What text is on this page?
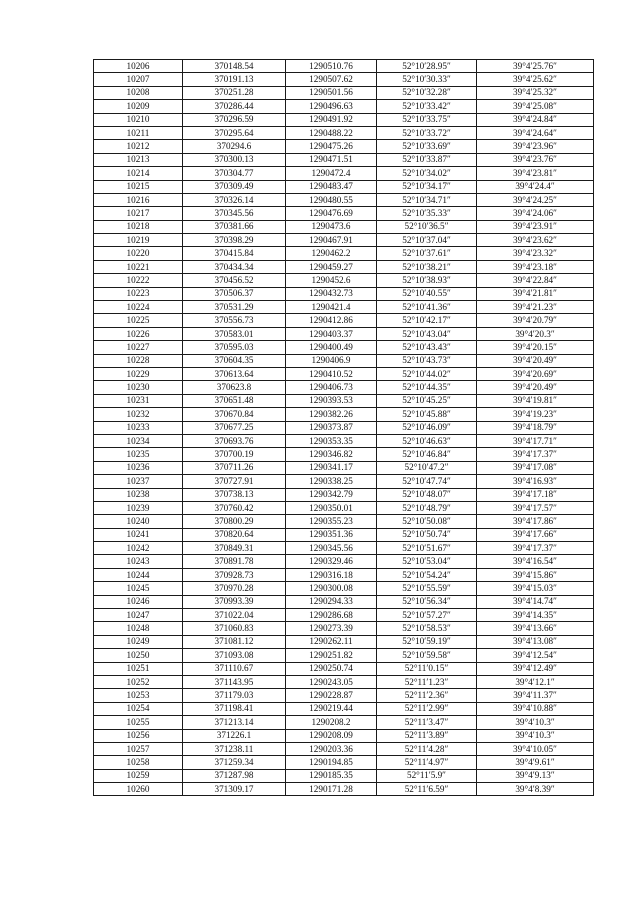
10206	370148.54	1290510.76	52°10′28.95″	39°4′25.76″
10207	370191.13	1290507.62	52°10′30.33″	39°4′25.62″
10208	370251.28	1290501.56	52°10′32.28″	39°4′25.32″
10209	370286.44	1290496.63	52°10′33.42″	39°4′25.08″
10210	370296.59	1290491.92	52°10′33.75″	39°4′24.84″
10211	370295.64	1290488.22	52°10′33.72″	39°4′24.64″
10212	370294.6	1290475.26	52°10′33.69″	39°4′23.96″
10213	370300.13	1290471.51	52°10′33.87″	39°4′23.76″
10214	370304.77	1290472.4	52°10′34.02″	39°4′23.81″
10215	370309.49	1290483.47	52°10′34.17″	39°4′24.4″
10216	370326.14	1290480.55	52°10′34.71″	39°4′24.25″
10217	370345.56	1290476.69	52°10′35.33″	39°4′24.06″
10218	370381.66	1290473.6	52°10′36.5″	39°4′23.91″
10219	370398.29	1290467.91	52°10′37.04″	39°4′23.62″
10220	370415.84	1290462.2	52°10′37.61″	39°4′23.32″
10221	370434.34	1290459.27	52°10′38.21″	39°4′23.18″
10222	370456.52	1290452.6	52°10′38.93″	39°4′22.84″
10223	370506.37	1290432.73	52°10′40.55″	39°4′21.81″
10224	370531.29	1290421.4	52°10′41.36″	39°4′21.23″
10225	370556.73	1290412.86	52°10′42.17″	39°4′20.79″
10226	370583.01	1290403.37	52°10′43.04″	39°4′20.3″
10227	370595.03	1290400.49	52°10′43.43″	39°4′20.15″
10228	370604.35	1290406.9	52°10′43.73″	39°4′20.49″
10229	370613.64	1290410.52	52°10′44.02″	39°4′20.69″
10230	370623.8	1290406.73	52°10′44.35″	39°4′20.49″
10231	370651.48	1290393.53	52°10′45.25″	39°4′19.81″
10232	370670.84	1290382.26	52°10′45.88″	39°4′19.23″
10233	370677.25	1290373.87	52°10′46.09″	39°4′18.79″
10234	370693.76	1290353.35	52°10′46.63″	39°4′17.71″
10235	370700.19	1290346.82	52°10′46.84″	39°4′17.37″
10236	370711.26	1290341.17	52°10′47.2″	39°4′17.08″
10237	370727.91	1290338.25	52°10′47.74″	39°4′16.93″
10238	370738.13	1290342.79	52°10′48.07″	39°4′17.18″
10239	370760.42	1290350.01	52°10′48.79″	39°4′17.57″
10240	370800.29	1290355.23	52°10′50.08″	39°4′17.86″
10241	370820.64	1290351.36	52°10′50.74″	39°4′17.66″
10242	370849.31	1290345.56	52°10′51.67″	39°4′17.37″
10243	370891.78	1290329.46	52°10′53.04″	39°4′16.54″
10244	370928.73	1290316.18	52°10′54.24″	39°4′15.86″
10245	370970.28	1290300.08	52°10′55.59″	39°4′15.03″
10246	370993.39	1290294.33	52°10′56.34″	39°4′14.74″
10247	371022.04	1290286.68	52°10′57.27″	39°4′14.35″
10248	371060.83	1290273.39	52°10′58.53″	39°4′13.66″
10249	371081.12	1290262.11	52°10′59.19″	39°4′13.08″
10250	371093.08	1290251.82	52°10′59.58″	39°4′12.54″
10251	371110.67	1290250.74	52°11′0.15″	39°4′12.49″
10252	371143.95	1290243.05	52°11′1.23″	39°4′12.1″
10253	371179.03	1290228.87	52°11′2.36″	39°4′11.37″
10254	371198.41	1290219.44	52°11′2.99″	39°4′10.88″
10255	371213.14	1290208.2	52°11′3.47″	39°4′10.3″
10256	371226.1	1290208.09	52°11′3.89″	39°4′10.3″
10257	371238.11	1290203.36	52°11′4.28″	39°4′10.05″
10258	371259.34	1290194.85	52°11′4.97″	39°4′9.61″
10259	371287.98	1290185.35	52°11′5.9″	39°4′9.13″
10260	371309.17	1290171.28	52°11′6.59″	39°4′8.39″
